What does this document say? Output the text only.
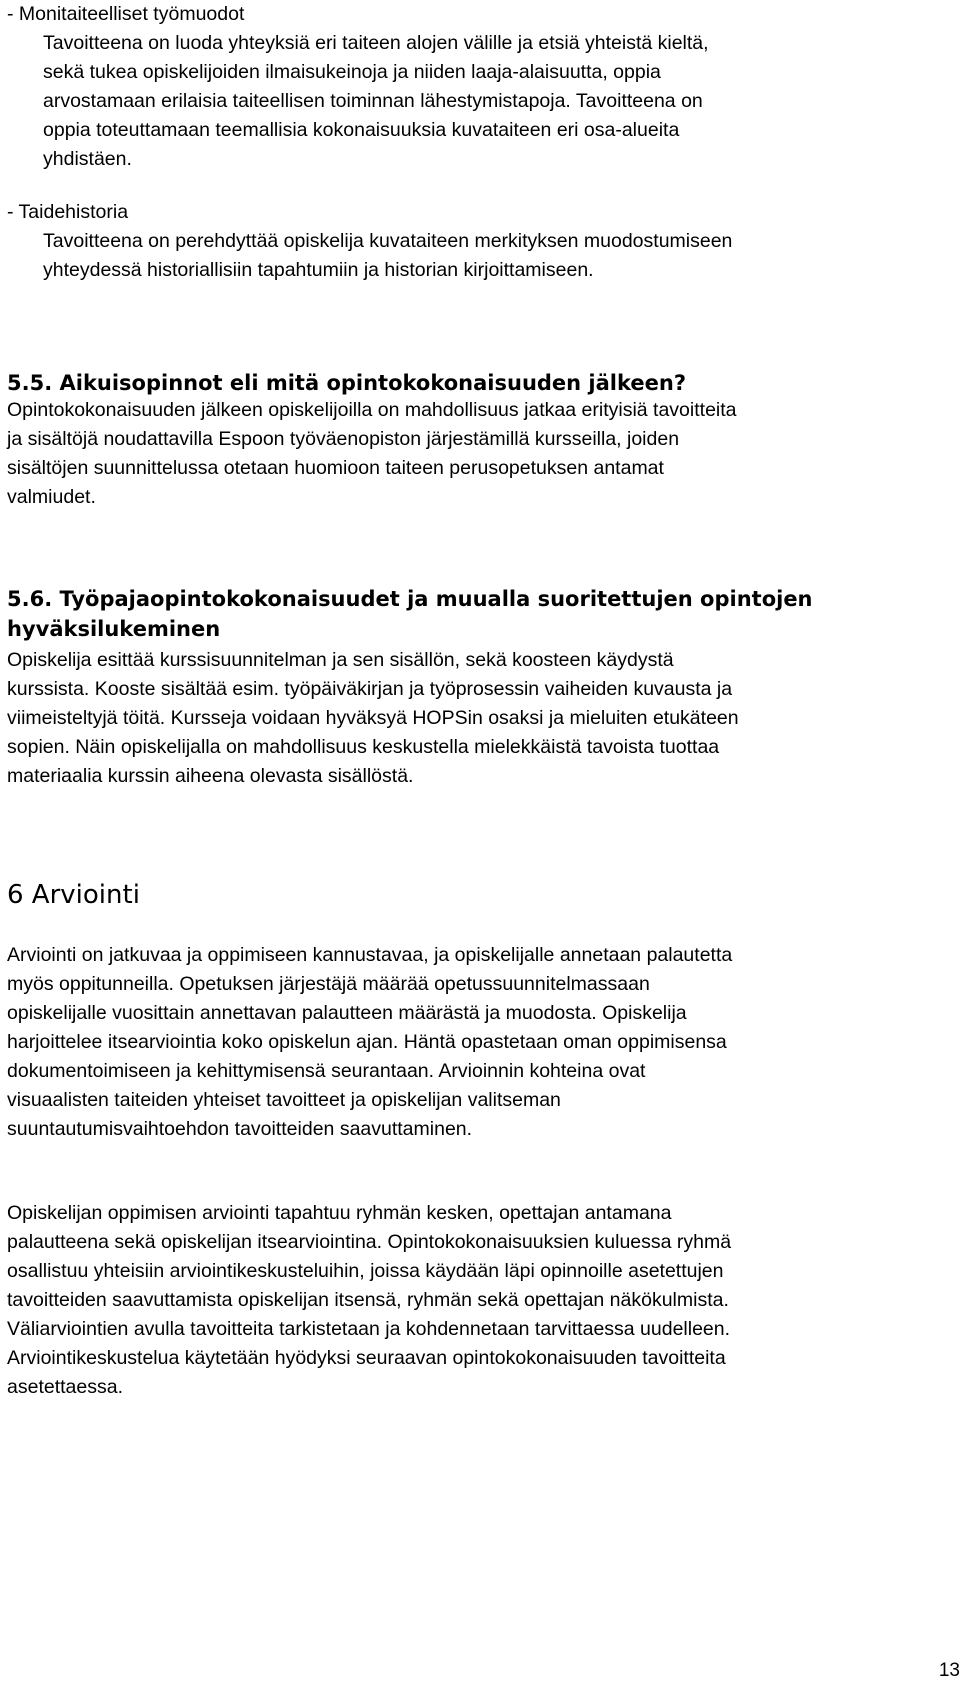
- Monitaiteelliset työmuodot
Tavoitteena on luoda yhteyksiä eri taiteen alojen välille ja etsiä yhteistä kieltä,
sekä tukea opiskelijoiden ilmaisukeinoja ja niiden laaja-alaisuutta, oppia
arvostamaan erilaisia taiteellisen toiminnan lähestymistapoja. Tavoitteena on
oppia toteuttamaan teemallisia kokonaisuuksia kuvataiteen eri osa-alueita
yhdistäen.
- Taidehistoria
Tavoitteena on perehdyttää opiskelija kuvataiteen merkityksen muodostumiseen
yhteydessä historiallisiin tapahtumiin ja historian kirjoittamiseen.
5.5. Aikuisopinnot eli mitä opintokokonaisuuden jälkeen?
Opintokokonaisuuden jälkeen opiskelijoilla on mahdollisuus jatkaa erityisiä tavoitteita
ja sisältöjä noudattavilla Espoon työväenopiston järjestämillä kursseilla, joiden
sisältöjen suunnittelussa otetaan huomioon taiteen perusopetuksen antamat
valmiudet.
5.6. Työpajaopintokokonaisuudet ja muualla suoritettujen opintojen
hyväksilukeminen
Opiskelija esittää kurssisuunnitelman ja sen sisällön, sekä koosteen käydystä
kurssista. Kooste sisältää esim. työpäiväkirjan ja työprosessin vaiheiden kuvausta ja
viimeisteltyjä töitä. Kursseja voidaan hyväksyä HOPSin osaksi ja mieluiten etukäteen
sopien. Näin opiskelijalla on mahdollisuus keskustella mielekkäistä tavoista tuottaa
materiaalia kurssin aiheena olevasta sisällöstä.
6 Arviointi
Arviointi on jatkuvaa ja oppimiseen kannustavaa, ja opiskelijalle annetaan palautetta
myös oppitunneilla. Opetuksen järjestäjä määrää opetussuunnitelmassaan
opiskelijalle vuosittain annettavan palautteen määrästä ja muodosta. Opiskelija
harjoittelee itsearviointia koko opiskelun ajan. Häntä opastetaan oman oppimisensa
dokumentoimiseen ja kehittymisensä seurantaan. Arvioinnin kohteina ovat
visuaalisten taiteiden yhteiset tavoitteet ja opiskelijan valitseman
suuntautumisvaihtoehdon tavoitteiden saavuttaminen.
Opiskelijan oppimisen arviointi tapahtuu ryhmän kesken, opettajan antamana
palautteena sekä opiskelijan itsearviointina. Opintokokonaisuuksien kuluessa ryhmä
osallistuu yhteisiin arviointikeskusteluihin, joissa käydään läpi opinnoille asetettujen
tavoitteiden saavuttamista opiskelijan itsensä, ryhmän sekä opettajan näkökulmista.
Väliarviointien avulla tavoitteita tarkistetaan ja kohdennetaan tarvittaessa uudelleen.
Arviointikeskustelua käytetään hyödyksi seuraavan opintokokonaisuuden tavoitteita
asetettaessa.
13
